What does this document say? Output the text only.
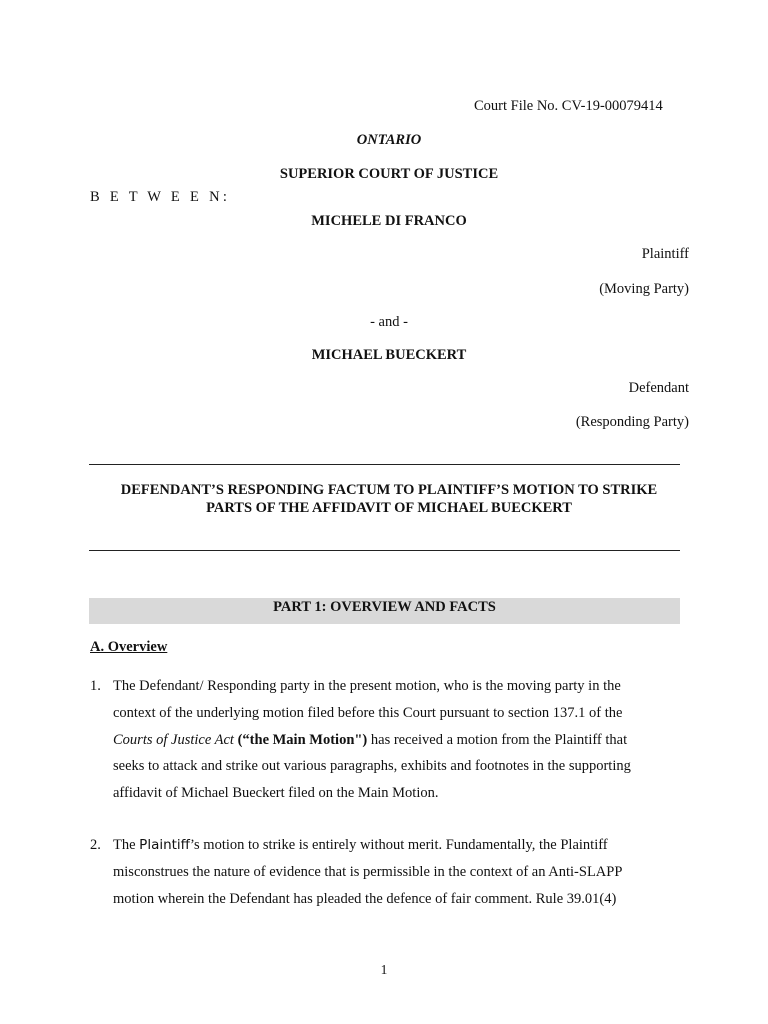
Court File No. CV-19-00079414
ONTARIO
SUPERIOR COURT OF JUSTICE
B E T W E E N:
MICHELE DI FRANCO
Plaintiff
(Moving Party)
- and -
MICHAEL BUECKERT
Defendant
(Responding Party)
DEFENDANT’S RESPONDING FACTUM TO PLAINTIFF’S MOTION TO STRIKE
PARTS OF THE AFFIDAVIT OF MICHAEL BUECKERT
PART 1: OVERVIEW AND FACTS
A. Overview
1. The Defendant/ Responding party in the present motion, who is the moving party in the
context of the underlying motion filed before this Court pursuant to section 137.1 of the
Courts of Justice Act (“the Main Motion") has received a motion from the Plaintiff that
seeks to attack and strike out various paragraphs, exhibits and footnotes in the supporting
affidavit of Michael Bueckert filed on the Main Motion.
2. The Plaintiff’s motion to strike is entirely without merit. Fundamentally, the Plaintiff
misconstrues the nature of evidence that is permissible in the context of an Anti-SLAPP
motion wherein the Defendant has pleaded the defence of fair comment. Rule 39.01(4)
1
